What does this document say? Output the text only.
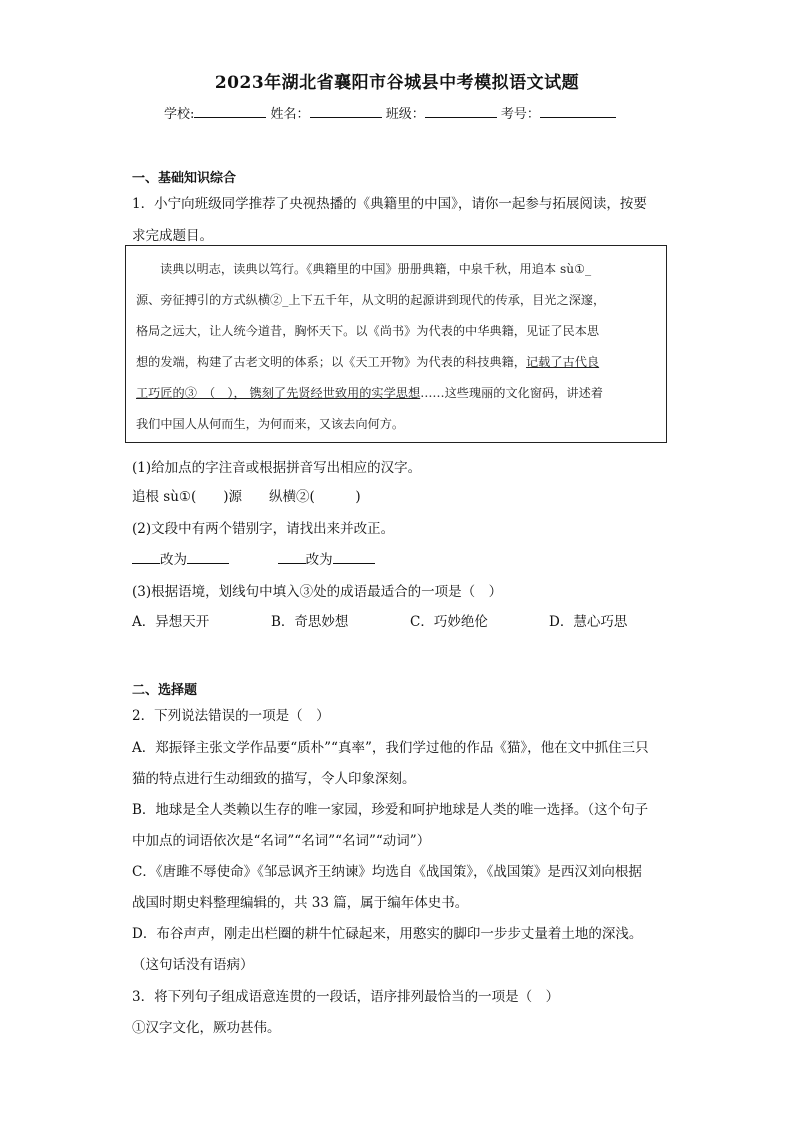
2023年湖北省襄阳市谷城县中考模拟语文试题
学校:	姓名：	班级：	考号：
一、基础知识综合
1．小宁向班级同学推荐了央视热播的《典籍里的中国》，请你一起参与拓展阅读，按要
求完成题目。
读典以明志，读典以笃行。《典籍里的中国》册册典籍，中泉千秋，用追本 sù①_
源、旁征搏引的方式纵横②_上下五千年，从文明的起源讲到现代的传承，目光之深邃，
格局之远大，让人统今道昔，胸怀天下。以《尚书》为代表的中华典籍，见证了民本思
想的发端，构建了古老文明的体系；以《天工开物》为代表的科技典籍，记载了古代良
工巧匠的③　（　）， 镌刻了先贤经世致用的实学思想……这些瑰丽的文化窗码，讲述着
我们中国人从何而生，为何而来，又该去向何方。
(1)给加点的字注音或根据拼音写出相应的汉字。
追根 sù①(　　)源　　纵横②(　　　)
(2)文段中有两个错别字，请找出来并改正。
改为	改为
(3)根据语境，划线句中填入③处的成语最适合的一项是（　）
A．异想天开	B．奇思妙想	C．巧妙绝伦	D．慧心巧思
二、选择题
2．下列说法错误的一项是（　）
A．郑振铎主张文学作品要“质朴”“真率”，我们学过他的作品《猫》，他在文中抓住三只
猫的特点进行生动细致的描写，令人印象深刻。
B．地球是全人类赖以生存的唯一家园，珍爱和呵护地球是人类的唯一选择。（这个句子
中加点的词语依次是“名词”“名词”“名词”“动词”）
C．《唐雎不辱使命》《邹忌讽齐王纳谏》均选自《战国策》，《战国策》是西汉刘向根据
战国时期史料整理编辑的，共 33 篇，属于编年体史书。
D．布谷声声，刚走出栏圈的耕牛忙碌起来，用憨实的脚印一步步丈量着土地的深浅。
（这句话没有语病）
3．将下列句子组成语意连贯的一段话，语序排列最恰当的一项是（　）
①汉字文化，厥功甚伟。
